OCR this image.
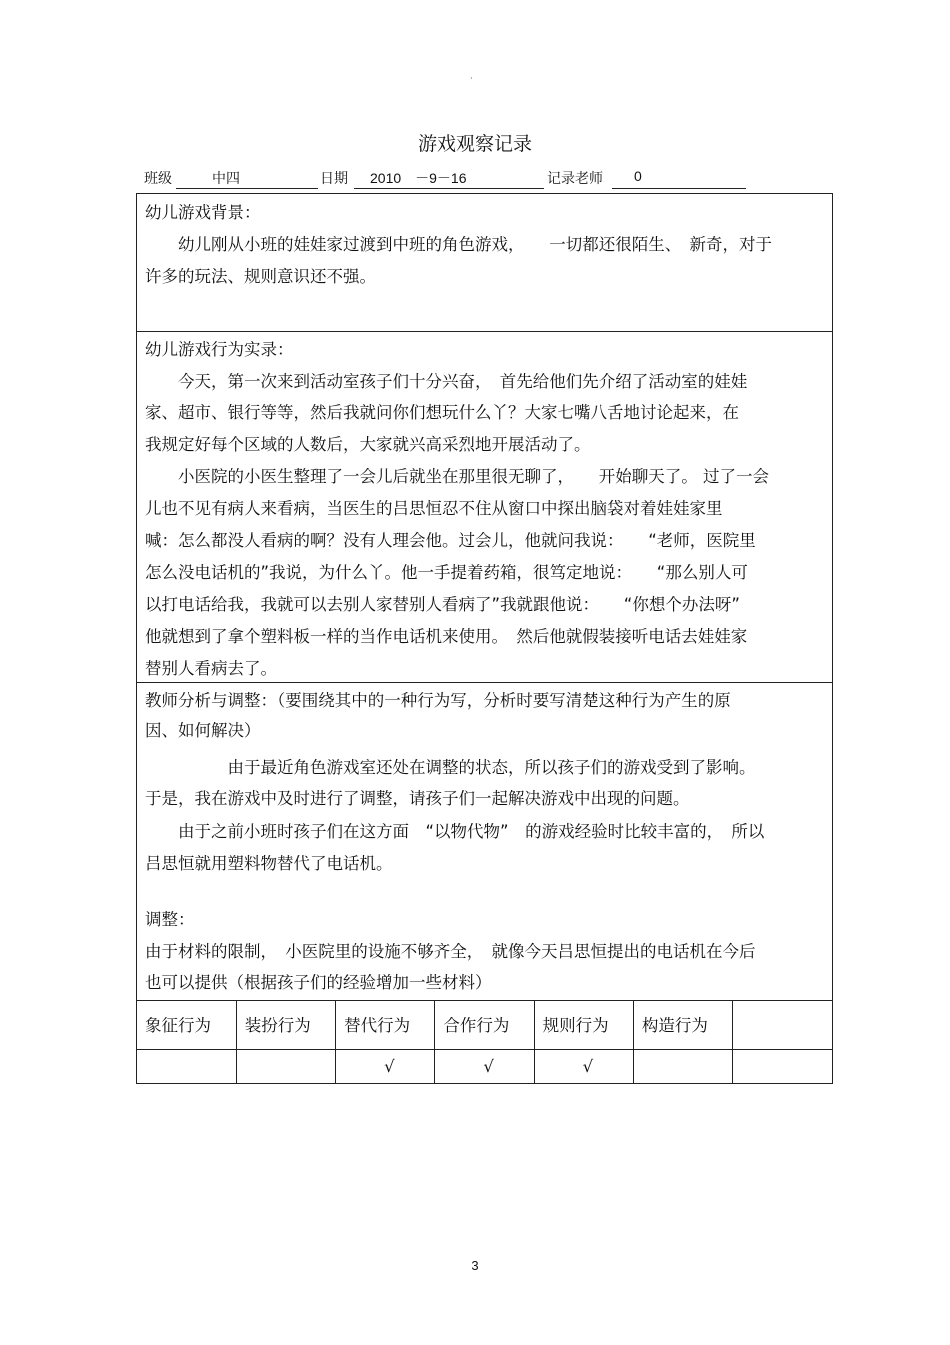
·
游戏观察记录
班级	中四	日期 2010　－9－16	记录老师 0
幼儿游戏背景：
　　幼儿刚从小班的娃娃家过渡到中班的角色游戏，　　一切都还很陌生、　新奇，对于
许多的玩法、规则意识还不强。
幼儿游戏行为实录：
　　今天，第一次来到活动室孩子们十分兴奋，　首先给他们先介绍了活动室的娃娃
家、超市、银行等等，然后我就问你们想玩什么丫？大家七嘴八舌地讨论起来，在
我规定好每个区域的人数后，大家就兴高采烈地开展活动了。
　　小医院的小医生整理了一会儿后就坐在那里很无聊了，　　开始聊天了。 过了一会
儿也不见有病人来看病，当医生的吕思恒忍不住从窗口中探出脑袋对着娃娃家里
喊：怎么都没人看病的啊？没有人理会他。过会儿，他就问我说：　　“老师，医院里
怎么没电话机的”我说，为什么丫。他一手提着药箱，很笃定地说：　　“那么别人可
以打电话给我，我就可以去别人家替别人看病了”我就跟他说：　　“你想个办法呀”
他就想到了拿个塑料板一样的当作电话机来使用。　然后他就假装接听电话去娃娃家
替别人看病去了。
教师分析与调整：（要围绕其中的一种行为写，分析时要写清楚这种行为产生的原
因、如何解决）
　　　　　由于最近角色游戏室还处在调整的状态，所以孩子们的游戏受到了影响。
于是，我在游戏中及时进行了调整，请孩子们一起解决游戏中出现的问题。
　　由于之前小班时孩子们在这方面　“以物代物”　的游戏经验时比较丰富的，　所以
吕思恒就用塑料物替代了电话机。
调整：
由于材料的限制，　小医院里的设施不够齐全，　就像今天吕思恒提出的电话机在今后
也可以提供（根据孩子们的经验增加一些材料）
象征行为	装扮行为	替代行为	合作行为	规则行为	构造行为	
		√	√	√		
3
